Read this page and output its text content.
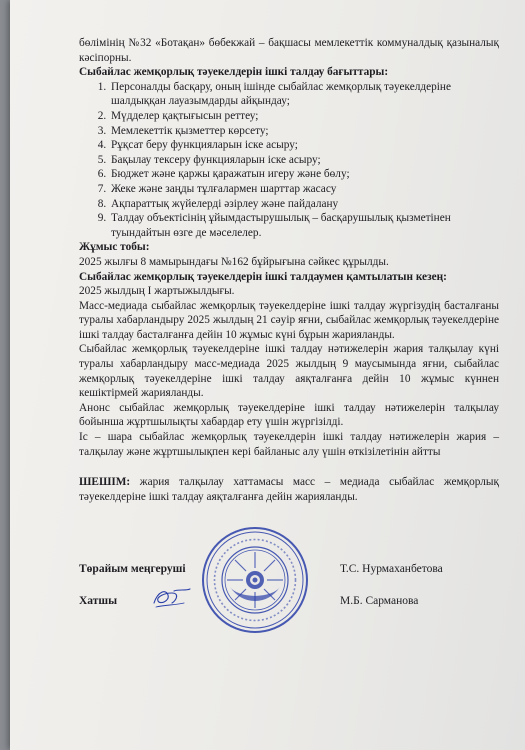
бөлімінің №32 «Ботақан» бөбекжай – бақшасы мемлекеттік коммуналдық қазыналық кәсіпорны.

Сыбайлас жемқорлық тәуекелдерін ішкі талдау бағыттары:

1. Персоналды басқару, оның ішінде сыбайлас жемқорлық тәуекелдеріне шалдыққан лауазымдарды айқындау;
2. Мүдделер қақтығысын реттеу;
3. Мемлекеттік қызметтер көрсету;
4. Рұқсат беру функцияларын іске асыру;
5. Бақылау тексеру функцияларын іске асыру;
6. Бюджет және қаржы қаражатын игеру және бөлу;
7. Жеке және заңды тұлғалармен шарттар жасасу
8. Ақпараттық жүйелерді әзірлеу және пайдалану
9. Талдау объектісінің ұйымдастырушылық – басқарушылық қызметінен туындайтын өзге де мәселелер.

Жұмыс тобы:

2025 жылғы 8 мамырындағы №162 бұйрығына сәйкес құрылды.

Сыбайлас жемқорлық тәуекелдерін ішкі талдаумен қамтылатын кезең:

2025 жылдың I жартыжылдығы.

Масс-медиада сыбайлас жемқорлық тәуекелдеріне ішкі талдау жүргізудің басталғаны туралы хабарландыру 2025 жылдың 21 сәуір яғни, сыбайлас жемқорлық тәуекелдеріне ішкі талдау басталғанға дейін 10 жұмыс күні бұрын жарияланды.

Сыбайлас жемқорлық тәуекелдеріне ішкі талдау нәтижелерін жария талқылау күні туралы хабарландыру масс-медиада 2025 жылдың 9 маусымында яғни, сыбайлас жемқорлық тәуекелдеріне ішкі талдау аяқталғанға дейін 10 жұмыс күннен кешіктірмей жарияланды.

Анонс сыбайлас жемқорлық тәуекелдеріне ішкі талдау нәтижелерін талқылау бойынша жұртшылықты хабардар ету үшін жүргізілді.

Іс – шара сыбайлас жемқорлық тәуекелдерін ішкі талдау нәтижелерін жария – талқылау және жұртшылықпен кері байланыс алу үшін өткізілетінін айтты

ШЕШІМ: жария талқылау хаттамасы масс – медиада сыбайлас жемқорлық тәуекелдеріне ішкі талдау аяқталғанға дейін жарияланды.

Төрайым меңгеруші	Т.С. Нурмаханбетова
Хатшы	М.Б. Сарманова
